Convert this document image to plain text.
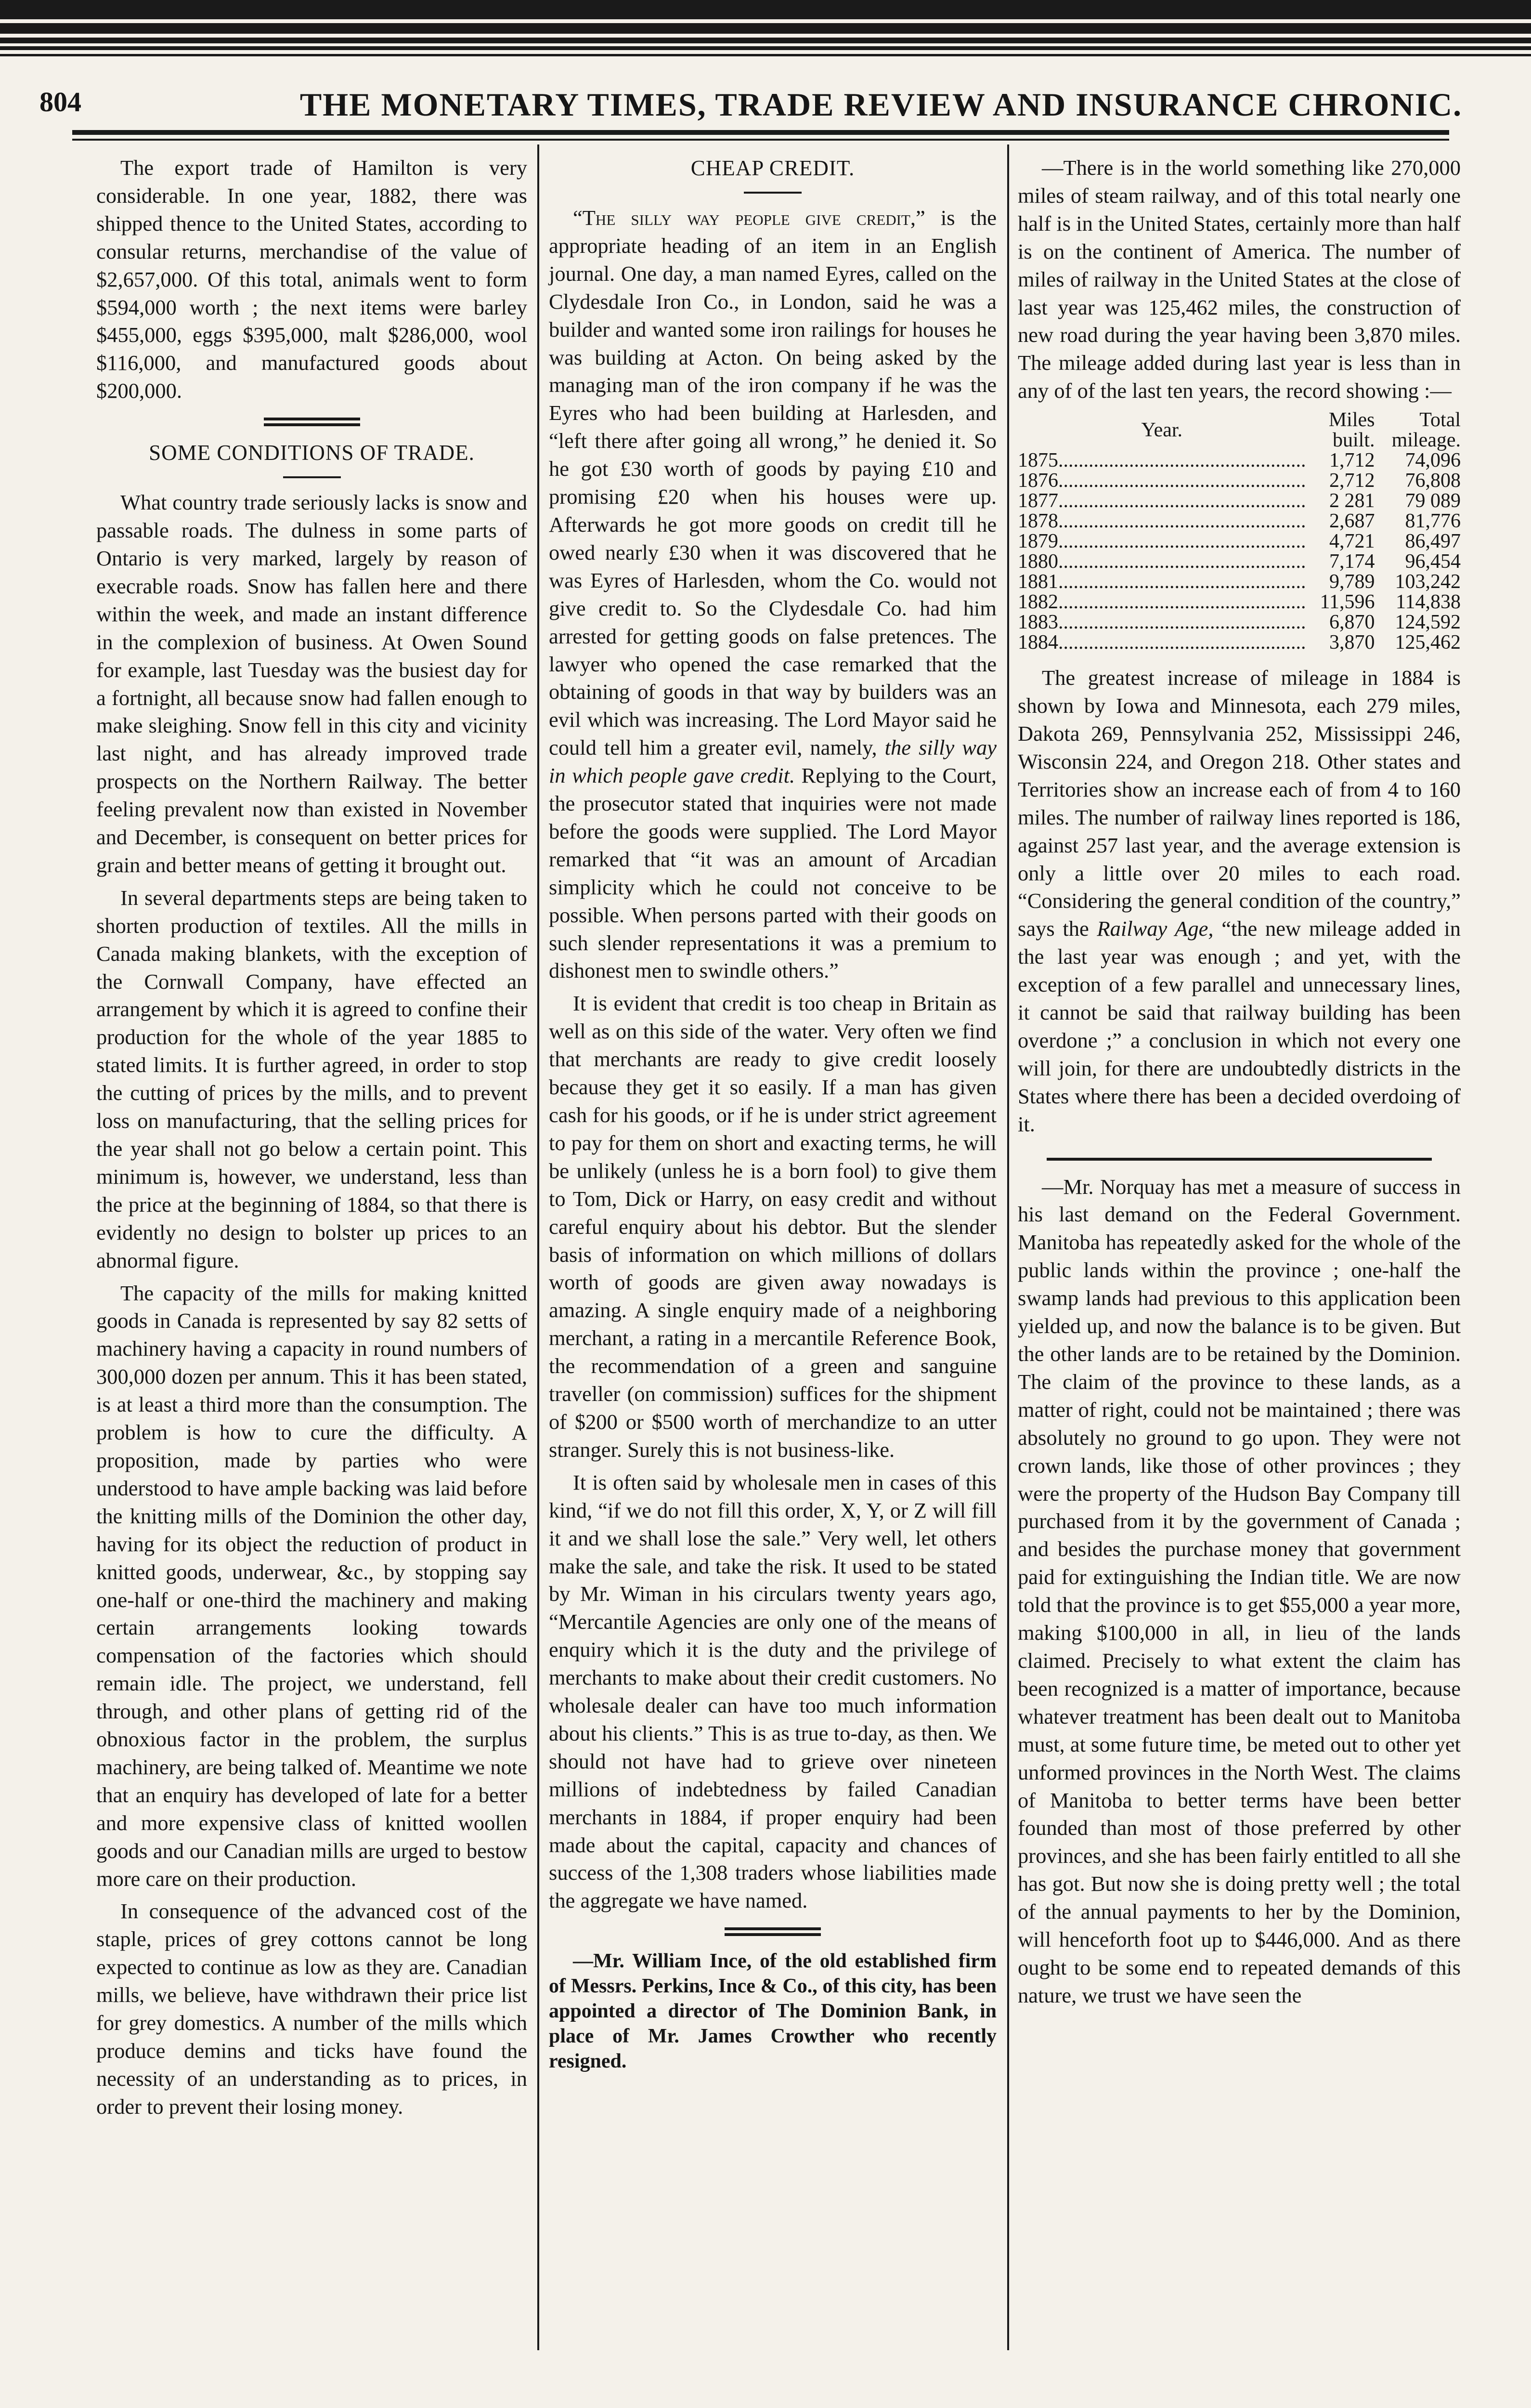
804	THE MONETARY TIMES, TRADE REVIEW AND INSURANCE CHRONIC.

The export trade of Hamilton is very considerable. In one year, 1882, there was shipped thence to the United States, according to consular returns, merchandise of the value of $2,657,000. Of this total, animals went to form $594,000 worth ; the next items were barley $455,000, eggs $395,000, malt $286,000, wool $116,000, and manufactured goods about $200,000.

SOME CONDITIONS OF TRADE.

What country trade seriously lacks is snow and passable roads. The dulness in some parts of Ontario is very marked, largely by reason of execrable roads. Snow has fallen here and there within the week, and made an instant difference in the complexion of business. At Owen Sound for example, last Tuesday was the busiest day for a fortnight, all because snow had fallen enough to make sleighing. Snow fell in this city and vicinity last night, and has already improved trade prospects on the Northern Railway. The better feeling prevalent now than existed in November and December, is consequent on better prices for grain and better means of getting it brought out.

In several departments steps are being taken to shorten production of textiles. All the mills in Canada making blankets, with the exception of the Cornwall Company, have effected an arrangement by which it is agreed to confine their production for the whole of the year 1885 to stated limits. It is further agreed, in order to stop the cutting of prices by the mills, and to prevent loss on manufacturing, that the selling prices for the year shall not go below a certain point. This minimum is, however, we understand, less than the price at the beginning of 1884, so that there is evidently no design to bolster up prices to an abnormal figure.

The capacity of the mills for making knitted goods in Canada is represented by say 82 setts of machinery having a capacity in round numbers of 300,000 dozen per annum. This it has been stated, is at least a third more than the consumption. The problem is how to cure the difficulty. A proposition, made by parties who were understood to have ample backing was laid before the knitting mills of the Dominion the other day, having for its object the reduction of product in knitted goods, underwear, &c., by stopping say one-half or one-third the machinery and making certain arrangements looking towards compensation of the factories which should remain idle. The project, we understand, fell through, and other plans of getting rid of the obnoxious factor in the problem, the surplus machinery, are being talked of. Meantime we note that an enquiry has developed of late for a better and more expensive class of knitted woollen goods and our Canadian mills are urged to bestow more care on their production.

In consequence of the advanced cost of the staple, prices of grey cottons cannot be long expected to continue as low as they are. Canadian mills, we believe, have withdrawn their price list for grey domestics. A number of the mills which produce demins and ticks have found the necessity of an understanding as to prices, in order to prevent their losing money.

CHEAP CREDIT.

“The silly way people give credit,” is the appropriate heading of an item in an English journal. One day, a man named Eyres, called on the Clydesdale Iron Co., in London, said he was a builder and wanted some iron railings for houses he was building at Acton. On being asked by the managing man of the iron company if he was the Eyres who had been building at Harlesden, and “left there after going all wrong,” he denied it. So he got £30 worth of goods by paying £10 and promising £20 when his houses were up. Afterwards he got more goods on credit till he owed nearly £30 when it was discovered that he was Eyres of Harlesden, whom the Co. would not give credit to. So the Clydesdale Co. had him arrested for getting goods on false pretences. The lawyer who opened the case remarked that the obtaining of goods in that way by builders was an evil which was increasing. The Lord Mayor said he could tell him a greater evil, namely, the silly way in which people gave credit. Replying to the Court, the prosecutor stated that inquiries were not made before the goods were supplied. The Lord Mayor remarked that “it was an amount of Arcadian simplicity which he could not conceive to be possible. When persons parted with their goods on such slender representations it was a premium to dishonest men to swindle others.”

It is evident that credit is too cheap in Britain as well as on this side of the water. Very often we find that merchants are ready to give credit loosely because they get it so easily. If a man has given cash for his goods, or if he is under strict agreement to pay for them on short and exacting terms, he will be unlikely (unless he is a born fool) to give them to Tom, Dick or Harry, on easy credit and without careful enquiry about his debtor. But the slender basis of information on which millions of dollars worth of goods are given away nowadays is amazing. A single enquiry made of a neighboring merchant, a rating in a mercantile Reference Book, the recommendation of a green and sanguine traveller (on commission) suffices for the shipment of $200 or $500 worth of merchandize to an utter stranger. Surely this is not business-like.

It is often said by wholesale men in cases of this kind, “if we do not fill this order, X, Y, or Z will fill it and we shall lose the sale.” Very well, let others make the sale, and take the risk. It used to be stated by Mr. Wiman in his circulars twenty years ago, “Mercantile Agencies are only one of the means of enquiry which it is the duty and the privilege of merchants to make about their credit customers. No wholesale dealer can have too much information about his clients.” This is as true to-day, as then. We should not have had to grieve over nineteen millions of indebtedness by failed Canadian merchants in 1884, if proper enquiry had been made about the capital, capacity and chances of success of the 1,308 traders whose liabilities made the aggregate we have named.

—Mr. William Ince, of the old established firm of Messrs. Perkins, Ince & Co., of this city, has been appointed a director of The Dominion Bank, in place of Mr. James Crowther who recently resigned.

—There is in the world something like 270,000 miles of steam railway, and of this total nearly one half is in the United States, certainly more than half is on the continent of America. The number of miles of railway in the United States at the close of last year was 125,462 miles, the construction of new road during the year having been 3,870 miles. The mileage added during last year is less than in any of of the last ten years, the record showing :—

Year.	Miles built.	Total mileage.
1875.................................................	1,712	74,096
1876.................................................	2,712	76,808
1877.................................................	2 281	79 089
1878.................................................	2,687	81,776
1879.................................................	4,721	86,497
1880.................................................	7,174	96,454
1881.................................................	9,789	103,242
1882.................................................	11,596	114,838
1883.................................................	6,870	124,592
1884.................................................	3,870	125,462

The greatest increase of mileage in 1884 is shown by Iowa and Minnesota, each 279 miles, Dakota 269, Pennsylvania 252, Mississippi 246, Wisconsin 224, and Oregon 218. Other states and Territories show an increase each of from 4 to 160 miles. The number of railway lines reported is 186, against 257 last year, and the average extension is only a little over 20 miles to each road. “Considering the general condition of the country,” says the Railway Age, “the new mileage added in the last year was enough ; and yet, with the exception of a few parallel and unnecessary lines, it cannot be said that railway building has been overdone ;” a conclusion in which not every one will join, for there are undoubtedly districts in the States where there has been a decided overdoing of it.

—Mr. Norquay has met a measure of success in his last demand on the Federal Government. Manitoba has repeatedly asked for the whole of the public lands within the province ; one-half the swamp lands had previous to this application been yielded up, and now the balance is to be given. But the other lands are to be retained by the Dominion. The claim of the province to these lands, as a matter of right, could not be maintained ; there was absolutely no ground to go upon. They were not crown lands, like those of other provinces ; they were the property of the Hudson Bay Company till purchased from it by the government of Canada ; and besides the purchase money that government paid for extinguishing the Indian title. We are now told that the province is to get $55,000 a year more, making $100,000 in all, in lieu of the lands claimed. Precisely to what extent the claim has been recognized is a matter of importance, because whatever treatment has been dealt out to Manitoba must, at some future time, be meted out to other yet unformed provinces in the North West. The claims of Manitoba to better terms have been better founded than most of those preferred by other provinces, and she has been fairly entitled to all she has got. But now she is doing pretty well ; the total of the annual payments to her by the Dominion, will henceforth foot up to $446,000. And as there ought to be some end to repeated demands of this nature, we trust we have seen the
